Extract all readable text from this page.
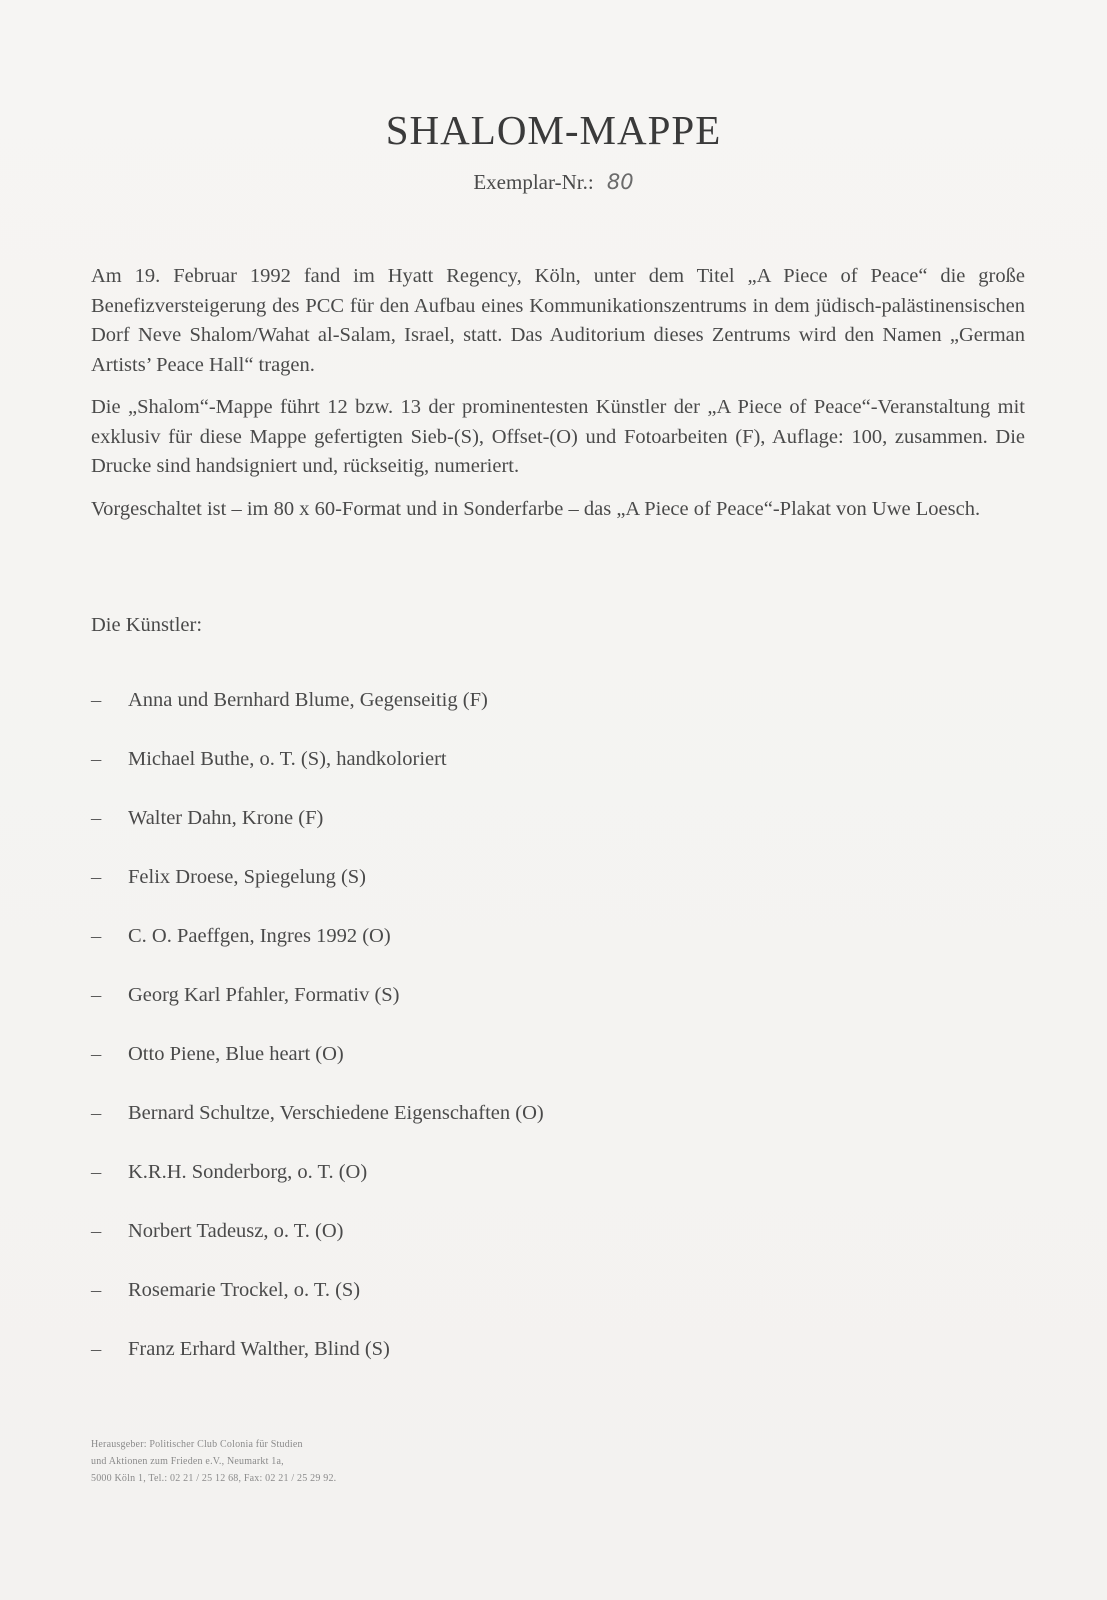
SHALOM-MAPPE
Exemplar-Nr.: 80

Am 19. Februar 1992 fand im Hyatt Regency, Köln, unter dem Titel „A Piece of Peace“ die große Benefizversteigerung des PCC für den Aufbau eines Kommunikationszentrums in dem jüdisch-palästinensischen Dorf Neve Shalom/Wahat al-Salam, Israel, statt. Das Auditorium dieses Zentrums wird den Namen „German Artists’ Peace Hall“ tragen.

Die „Shalom“-Mappe führt 12 bzw. 13 der prominentesten Künstler der „A Piece of Peace“-Veranstaltung mit exklusiv für diese Mappe gefertigten Sieb-(S), Offset-(O) und Fotoarbeiten (F), Auflage: 100, zusammen. Die Drucke sind handsigniert und, rückseitig, numeriert.

Vorgeschaltet ist – im 80 x 60-Format und in Sonderfarbe – das „A Piece of Peace“-Plakat von Uwe Loesch.

Die Künstler:
– Anna und Bernhard Blume, Gegenseitig (F)
– Michael Buthe, o. T. (S), handkoloriert
– Walter Dahn, Krone (F)
– Felix Droese, Spiegelung (S)
– C. O. Paeffgen, Ingres 1992 (O)
– Georg Karl Pfahler, Formativ (S)
– Otto Piene, Blue heart (O)
– Bernard Schultze, Verschiedene Eigenschaften (O)
– K.R.H. Sonderborg, o. T. (O)
– Norbert Tadeusz, o. T. (O)
– Rosemarie Trockel, o. T. (S)
– Franz Erhard Walther, Blind (S)
Herausgeber: Politischer Club Colonia für Studien
und Aktionen zum Frieden e.V., Neumarkt 1a,
5000 Köln 1, Tel.: 02 21 / 25 12 68, Fax: 02 21 / 25 29 92.
